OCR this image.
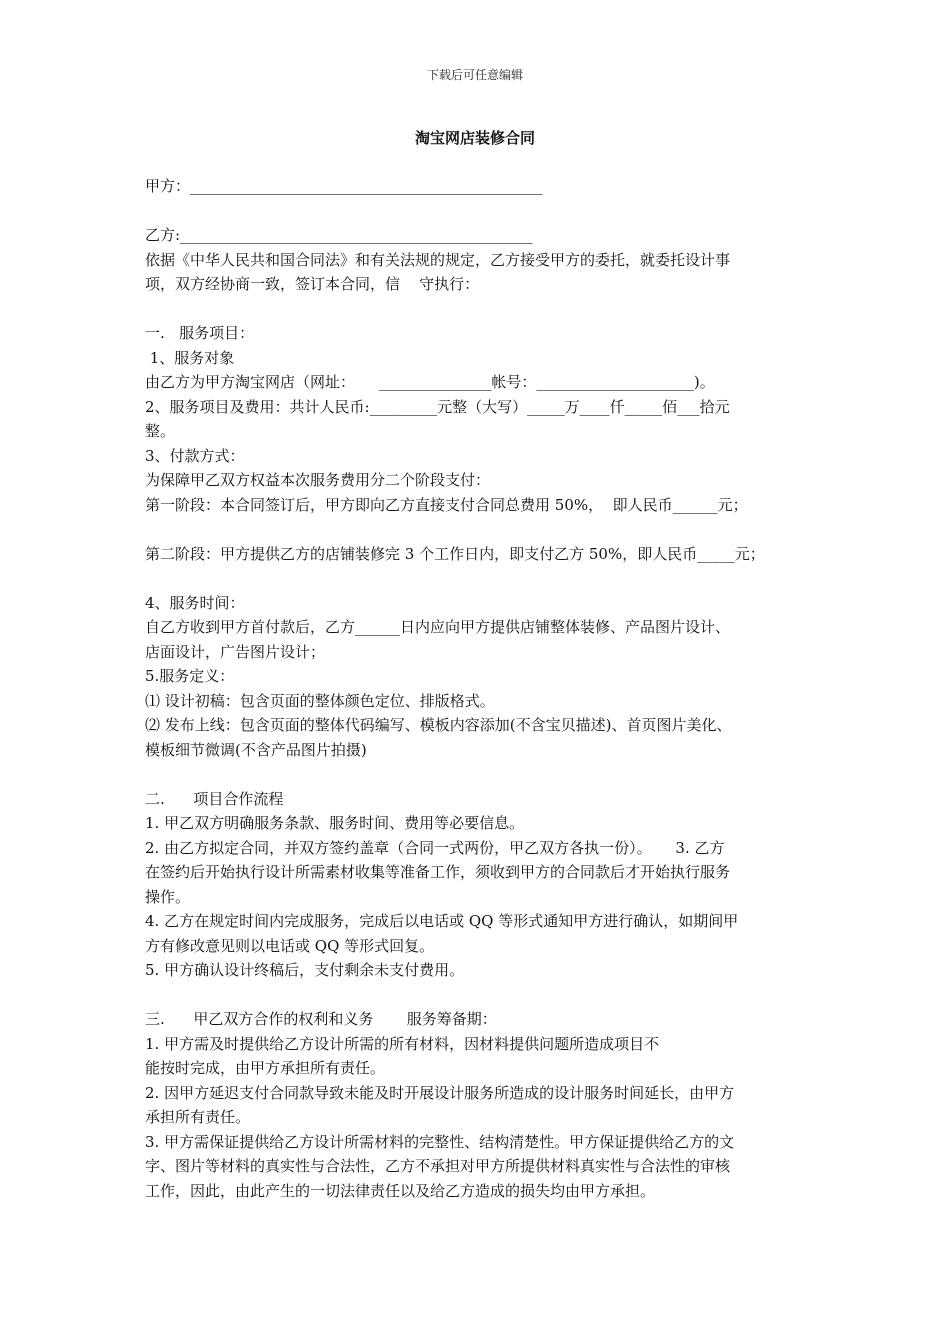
下载后可任意编辑
淘宝网店装修合同
甲方：_______________________________________________
乙方:_______________________________________________
依据《中华人民共和国合同法》和有关法规的规定，乙方接受甲方的委托，就委托设计事
项，双方经协商一致，签订本合同，信    守执行：
一.   服务项目：
1、服务对象
由乙方为甲方淘宝网店（网址：     _______________帐号：_____________________)。
2、服务项目及费用：共计人民币:_________元整（大写）_____万____仟_____佰___拾元
整。
3、付款方式：
为保障甲乙双方权益本次服务费用分二个阶段支付：
第一阶段：本合同签订后，甲方即向乙方直接支付合同总费用 50%，  即人民币______元；
第二阶段：甲方提供乙方的店铺装修完 3 个工作日内，即支付乙方 50%，即人民币_____元；
4、服务时间：
自乙方收到甲方首付款后，乙方______日内应向甲方提供店铺整体装修、产品图片设计、
店面设计，广告图片设计；
5.服务定义：
⑴ 设计初稿：包含页面的整体颜色定位、排版格式。
⑵ 发布上线：包含页面的整体代码编写、模板内容添加(不含宝贝描述)、首页图片美化、
模板细节微调(不含产品图片拍摄)
二.      项目合作流程
1. 甲乙双方明确服务条款、服务时间、费用等必要信息。
2. 由乙方拟定合同，并双方签约盖章（合同一式两份，甲乙双方各执一份）。     3. 乙方
在签约后开始执行设计所需素材收集等准备工作，须收到甲方的合同款后才开始执行服务
操作。
4. 乙方在规定时间内完成服务，完成后以电话或 QQ 等形式通知甲方进行确认，如期间甲
方有修改意见则以电话或 QQ 等形式回复。
5. 甲方确认设计终稿后，支付剩余未支付费用。
三.      甲乙双方合作的权利和义务       服务筹备期：
1. 甲方需及时提供给乙方设计所需的所有材料，因材料提供问题所造成项目不
能按时完成，由甲方承担所有责任。
2. 因甲方延迟支付合同款导致未能及时开展设计服务所造成的设计服务时间延长，由甲方
承担所有责任。
3. 甲方需保证提供给乙方设计所需材料的完整性、结构清楚性。甲方保证提供给乙方的文
字、图片等材料的真实性与合法性，乙方不承担对甲方所提供材料真实性与合法性的审核
工作，因此，由此产生的一切法律责任以及给乙方造成的损失均由甲方承担。
